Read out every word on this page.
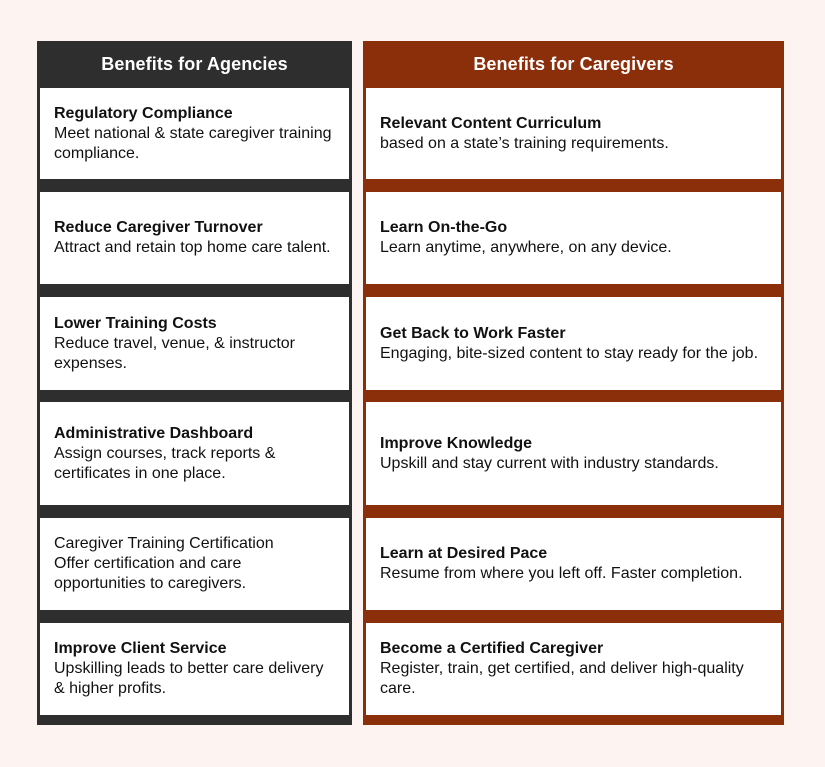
Benefits for Agencies
Regulatory Compliance
Meet national & state caregiver training compliance.
Reduce Caregiver Turnover
Attract and retain top home care talent.
Lower Training Costs
Reduce travel, venue, & instructor expenses.
Administrative Dashboard
Assign courses, track reports & certificates in one place.
Caregiver Training Certification
Offer certification and care opportunities to caregivers.
Improve Client Service
Upskilling leads to better care delivery & higher profits.
Benefits for Caregivers
Relevant Content Curriculum
based on a state’s training requirements.
Learn On-the-Go
Learn anytime, anywhere, on any device.
Get Back to Work Faster
Engaging, bite-sized content to stay ready for the job.
Improve Knowledge
Upskill and stay current with industry standards.
Learn at Desired Pace
Resume from where you left off. Faster completion.
Become a Certified Caregiver
Register, train, get certified, and deliver high-quality care.
